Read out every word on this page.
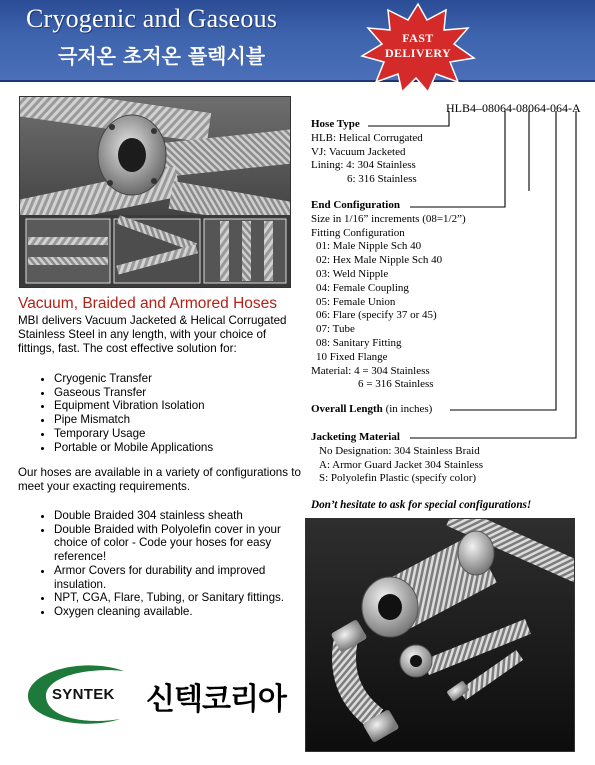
Cryogenic and Gaseous
극저온 초저온 플렉시블
FAST
DELIVERY
HLB4–08064-08064-064-A
Hose Type
HLB: Helical Corrugated
VJ: Vacuum Jacketed
Lining: 4: 304 Stainless
6: 316 Stainless
End Configuration
Size in 1/16” increments (08=1/2”)
Fitting Configuration
01: Male Nipple Sch 40
02: Hex Male Nipple Sch 40
03: Weld Nipple
04: Female Coupling
05: Female Union
06: Flare (specify 37 or 45)
07: Tube
08: Sanitary Fitting
10 Fixed Flange
Material: 4 = 304 Stainless
6 = 316 Stainless
Overall Length (in inches)
Jacketing Material
No Designation: 304 Stainless Braid
A: Armor Guard Jacket 304 Stainless
S: Polyolefin Plastic (specify color)
Vacuum, Braided and Armored Hoses
MBI delivers Vacuum Jacketed & Helical Corrugated Stainless Steel in any length, with your choice of fittings, fast. The cost effective solution for:
• Cryogenic Transfer
• Gaseous Transfer
• Equipment Vibration Isolation
• Pipe Mismatch
• Temporary Usage
• Portable or Mobile Applications
Our hoses are available in a variety of configurations to meet your exacting requirements.
• Double Braided 304 stainless sheath
• Double Braided with Polyolefin cover in your choice of color - Code your hoses for easy reference!
• Armor Covers for durability and improved insulation.
• NPT, CGA, Flare, Tubing, or Sanitary fittings.
• Oxygen cleaning available.
Don’t hesitate to ask for special configurations!
SYNTEK 신텍코리아
